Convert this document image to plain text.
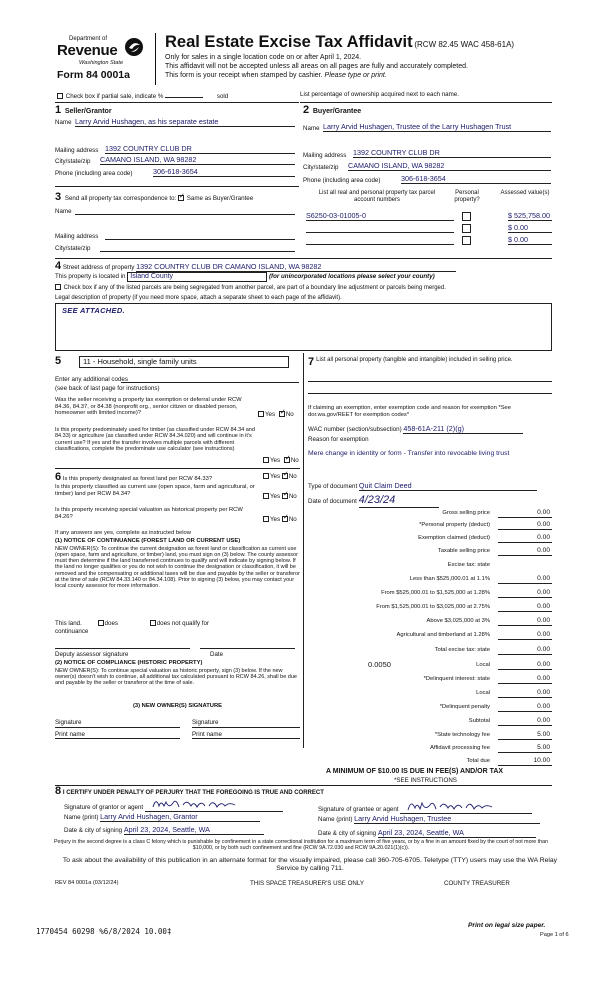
Department of
Revenue
Washington State
Form 84 0001a
Real Estate Excise Tax Affidavit (RCW 82.45 WAC 458-61A)
Only for sales in a single location code on or after April 1, 2024.
This affidavit will not be accepted unless all areas on all pages are fully and accurately completed.
This form is your receipt when stamped by cashier. Please type or print.
Check box if partial sale, indicate %	sold	List percentage of ownership acquired next to each name.
1 Seller/Grantor
Name Larry Arvid Hushagen, as his separate estate
Mailing address 1392 COUNTRY CLUB DR
City/state/zip CAMANO ISLAND, WA 98282
Phone (including area code)	306-618-3654
2 Buyer/Grantee
Name Larry Arvid Hushagen, Trustee of the Larry Hushagen Trust
Mailing address 1392 COUNTRY CLUB DR
City/state/zip CAMANO ISLAND, WA 98282
Phone (including area code)	306-618-3654
3 Send all property tax correspondence to: ✓ Same as Buyer/Grantee
Name
Mailing address
City/state/zip
List all real and personal property tax parcel account numbers
Personal property?
Assessed value(s)
S6250-03-01005-0	$ 525,758.00
$ 0.00
$ 0.00
4 Street address of property 1392 COUNTRY CLUB DR CAMANO ISLAND, WA 98282
This property is located in Island County	(for unincorporated locations please select your county)
Check box if any of the listed parcels are being segregated from another parcel, are part of a boundary line adjustment or parcels being merged.
Legal description of property (if you need more space, attach a separate sheet to each page of the affidavit).
SEE ATTACHED.
5	11 - Household, single family units
Enter any additional codes
(see back of last page for instructions)
Was the seller receiving a property tax exemption or deferral under RCW 84.36, 84.37, or 84.38 (nonprofit org., senior citizen or disabled person, homeowner with limited income)?	Yes ✓ No
Is this property predominately used for timber (as classified under RCW 84.34 and 84.33) or agriculture (as classified under RCW 84.34.020) and will continue in it's current use? If yes and the transfer involves multiple parcels with different classifications, complete the predominate use calculator (see instructions)
Yes ✓ No
6 Is this property designated as forest land per RCW 84.33?	Yes ✓ No
Is this property classified as current use (open space, farm and agricultural, or timber) land per RCW 84.34?	Yes ✓ No
Is this property receiving special valuation as historical property per RCW 84.26?	Yes ✓ No
If any answers are yes, complete as instructed below
(1) NOTICE OF CONTINUANCE (FOREST LAND OR CURRENT USE)
NEW OWNER(S): To continue the current designation as forest land or classification as current use (open space, farm and agriculture, or timber) land, you must sign on (3) below. The county assessor must then determine if the land transferred continues to qualify and will indicate by signing below. If the land no longer qualifies or you do not wish to continue the designation or classification, it will be removed and the compensating or additional taxes will be due and payable by the seller or transferor at the time of sale (RCW 84.33.140 or 84.34.108). Prior to signing (3) below, you may contact your local county assessor for more information.
This land.	does	does not qualify for
continuance
Deputy assessor signature	Date
(2) NOTICE OF COMPLIANCE (HISTORIC PROPERTY)
NEW OWNER(S): To continue special valuation as historic property, sign (3) below. If the new owner(s) doesn't wish to continue, all additional tax calculated pursuant to RCW 84.26, shall be due and payable by the seller or transferor at the time of sale.
(3) NEW OWNER(S) SIGNATURE
Signature	Signature
Print name	Print name
7 List all personal property (tangible and intangible) included in selling price.
If claiming an exemption, enter exemption code and reason for exemption *See dor.wa.gov/REET for exemption codes*
WAC number (section/subsection) 458-61A-211 (2)(g)
Reason for exemption
Mere change in identity or form - Transfer into revocable living trust
Type of document Quit Claim Deed
Date of document 4/23/24
Gross selling price	0.00
*Personal property (deduct)	0.00
Exemption claimed (deduct)	0.00
Taxable selling price	0.00
Excise tax: state
Less than $525,000.01 at 1.1%	0.00
From $525,000.01 to $1,525,000 at 1.28%	0.00
From $1,525,000.01 to $3,025,000 at 2.75%	0.00
Above $3,025,000 at 3%	0.00
Agricultural and timberland at 1.28%	0.00
Total excise tax: state	0.00
0.0050	Local	0.00
*Delinquent interest: state	0.00
Local	0.00
*Delinquent penalty	0.00
Subtotal	0.00
*State technology fee	5.00
Affidavit processing fee	5.00
Total due	10.00
A MINIMUM OF $10.00 IS DUE IN FEE(S) AND/OR TAX
*SEE INSTRUCTIONS
8 I CERTIFY UNDER PENALTY OF PERJURY THAT THE FOREGOING IS TRUE AND CORRECT
Signature of grantor or agent
Name (print) Larry Arvid Hushagen, Grantor
Date & city of signing April 23, 2024, Seattle, WA
Signature of grantee or agent
Name (print) Larry Arvid Hushagen, Trustee
Date & city of signing April 23, 2024, Seattle, WA
Perjury in the second degree is a class C felony which is punishable by confinement in a state correctional institution for a maximum term of five years, or by a fine in an amount fixed by the court of not more than $10,000, or by both such confinement and fine (RCW 9A.72.030 and RCW 9A.20.021(1)(c)).
To ask about the availability of this publication in an alternate format for the visually impaired, please call 360-705-6705. Teletype (TTY) users may use the WA Relay Service by calling 711.
REV 84 0001a (03/12/24)	THIS SPACE TREASURER'S USE ONLY	COUNTY TREASURER
1770454 60298 %6/8/2024 10.00‡
Print on legal size paper.
Page 1 of 6
